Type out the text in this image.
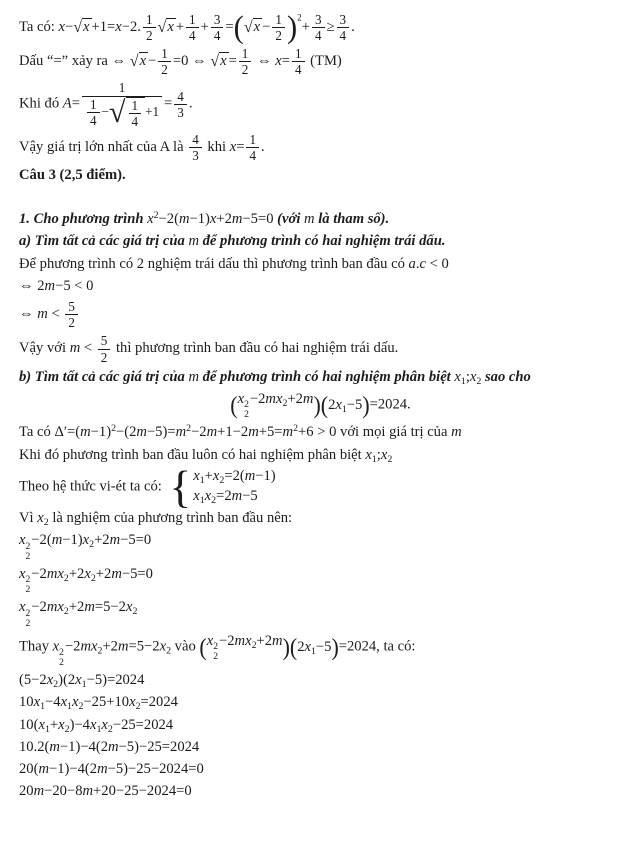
Ta có: x− √ x +1=x−2. $\frac{1}{2}$ √ $x + \frac{1}{4} + \frac{3}{4}$ = ( √ $x - \frac{1}{2}$ ) $^2+ \frac{3}{4} \ge \frac{3}{4}$ .
Dấu “=” xảy ra ⇔ √ $x - \frac{1}{2} =0$ ⇔ √ $x = \frac{1}{2}$ ⇔ $x= \frac{1}{4} (TM)$
Khi đó $A= \frac{1}{\frac{1}{4} - √ \frac{1}{4} +1} = \frac{4}{3}$ .
Vậy giá trị lớn nhất của A là $\frac{4}{3}$ khi $x= \frac{1}{4}$ .
Câu 3 (2,5 điểm).
1. Cho phương trình $x^2-2(m-1)x+2m-5=0$ (với m là tham số).
a) Tìm tất cả các giá trị của m để phương trình có hai nghiệm trái dấu.
Để phương trình có 2 nghiệm trái dấu thì phương trình ban đầu có a.c < 0
⇔ 2m−5 < 0
⇔ $m < \frac{5}{2}$
Vậy với $m < \frac{5}{2}$ thì phương trình ban đầu có hai nghiệm trái dấu.
b) Tìm tất cả các giá trị của m để phương trình có hai nghiệm phân biệt $x_1;x_2$ sao cho
( x 2
2
$-2mx_2+2m$ ) ( $2x_1-5$ ) =2024.
Ta có $\Delta'=(m-1)^2-(2m-5)=m^2-2m+1-2m+5=m^2+6 > 0$ với mọi giá trị của m
Khi đó phương trình ban đầu luôn có hai nghiệm phân biệt $x_1;x_2$
Theo hệ thức vi-ét ta có: { $x_1+x_2=2(m-1)$
$x_1x_2=2m-5$
Vì $x_2$ là nghiệm của phương trình ban đầu nên:
x 2
2
$-2(m-1)x_2+2m-5=0$
x 2
2
$-2mx_2+2x_2+2m-5=0$
x 2
2
$-2mx_2+2m=5-2x_2$
Thay x 2
2
$-2mx_2+2m=5-2x_2$ vào ( x 2
2
$-2mx_2+2m$ ) ( $2x_1-5$ ) =2024, ta có:
$(5-2x_2)(2x_1-5)=2024$
$10x_1-4x_1x_2-25+10x_2=2024$
$10(x_1+x_2)-4x_1x_2-25=2024$
10.2(m−1)−4(2m−5)−25=2024
20(m−1)−4(2m−5)−25−2024=0
20m−20−8m+20−25−2024=0
